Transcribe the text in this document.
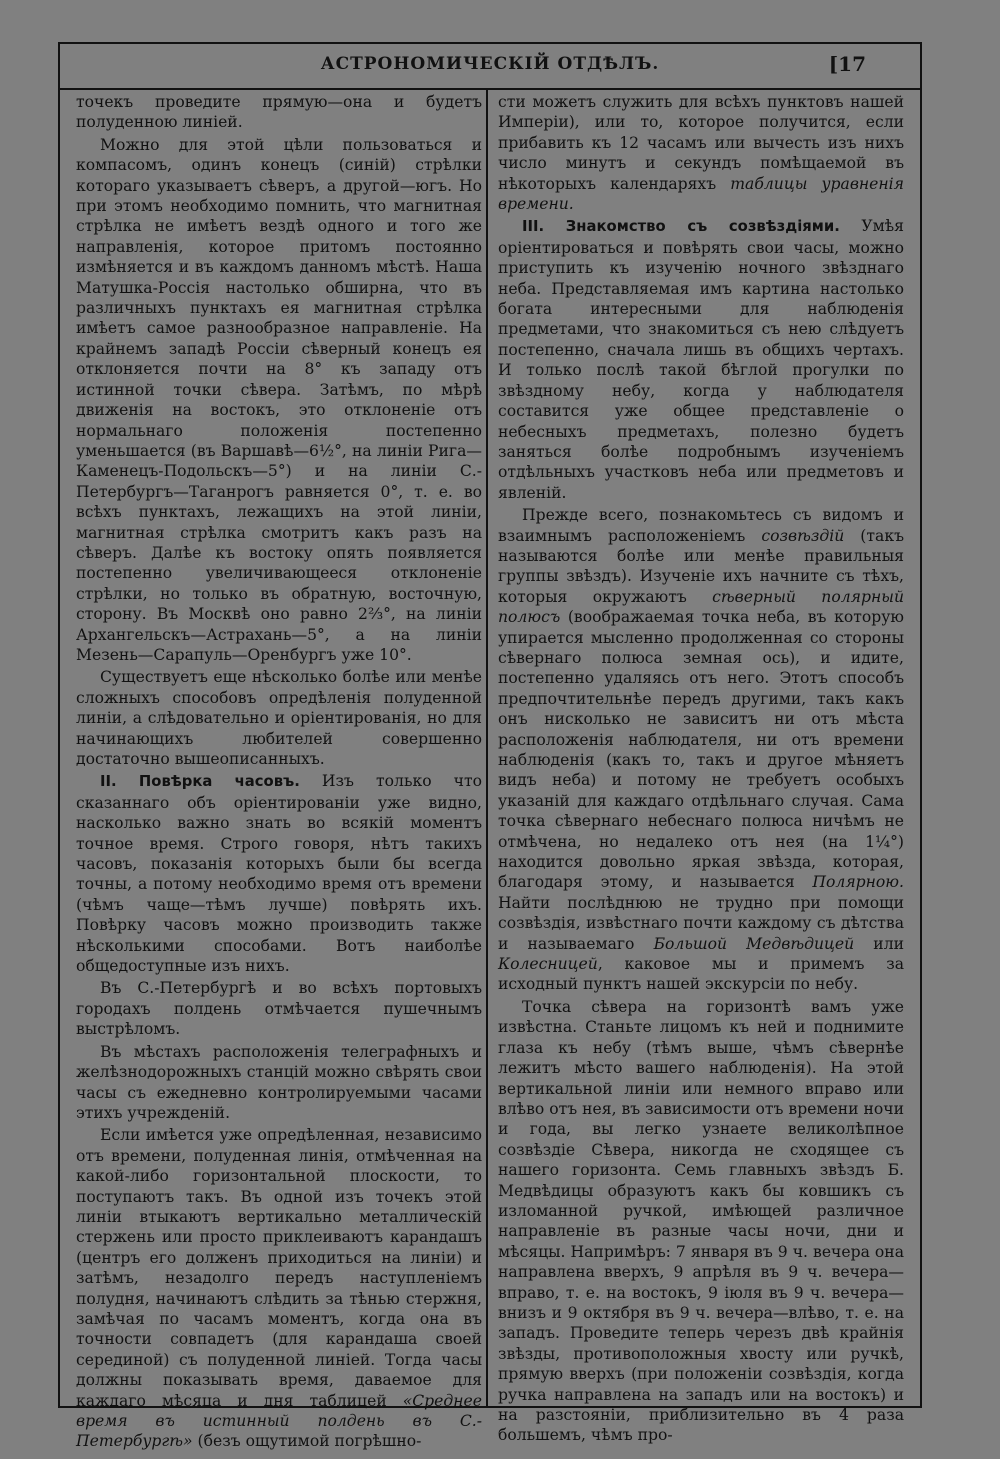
АСТРОНОМИЧЕСКІЙ ОТДѢЛЪ.	[17

точекъ проведите прямую—она и будетъ полуденною линіей.

Можно для этой цѣли пользоваться и компасомъ, одинъ конецъ (синій) стрѣлки котораго указываетъ сѣверъ, а другой—югъ. Но при этомъ необходимо помнить, что магнитная стрѣлка не имѣетъ вездѣ одного и того же направленія, которое притомъ постоянно измѣняется и въ каждомъ данномъ мѣстѣ. Наша Матушка-Россія настолько обширна, что въ различныхъ пунктахъ ея магнитная стрѣлка имѣетъ самое разнообразное направленіе. На крайнемъ западѣ Россіи сѣверный конецъ ея отклоняется почти на 8° къ западу отъ истинной точки сѣвера. Затѣмъ, по мѣрѣ движенія на востокъ, это отклоненіе отъ нормальнаго положенія постепенно уменьшается (въ Варшавѣ—6½°, на линіи Рига—Каменецъ-Подольскъ—5°) и на линіи С.-Петербургъ—Таганрогъ равняется 0°, т. е. во всѣхъ пунктахъ, лежащихъ на этой линіи, магнитная стрѣлка смотритъ какъ разъ на сѣверъ. Далѣе къ востоку опять появляется постепенно увеличивающееся отклоненіе стрѣлки, но только въ обратную, восточную, сторону. Въ Москвѣ оно равно 2⅔°, на линіи Архангельскъ—Астрахань—5°, а на линіи Мезень—Сарапуль—Оренбургъ уже 10°.

Существуетъ еще нѣсколько болѣе или менѣе сложныхъ способовъ опредѣленія полуденной линіи, а слѣдовательно и оріентированія, но для начинающихъ любителей совершенно достаточно вышеописанныхъ.

II. Повѣрка часовъ. Изъ только что сказаннаго объ оріентированіи уже видно, насколько важно знать во всякій моментъ точное время. Строго говоря, нѣтъ такихъ часовъ, показанія которыхъ были бы всегда точны, а потому необходимо время отъ времени (чѣмъ чаще—тѣмъ лучше) повѣрять ихъ. Повѣрку часовъ можно производить также нѣсколькими способами. Вотъ наиболѣе общедоступные изъ нихъ.

Въ С.-Петербургѣ и во всѣхъ портовыхъ городахъ полдень отмѣчается пушечнымъ выстрѣломъ.

Въ мѣстахъ расположенія телеграфныхъ и желѣзнодорожныхъ станцій можно свѣрять свои часы съ ежедневно контролируемыми часами этихъ учрежденій.

Если имѣется уже опредѣленная, независимо отъ времени, полуденная линія, отмѣченная на какой-либо горизонтальной плоскости, то поступаютъ такъ. Въ одной изъ точекъ этой линіи втыкаютъ вертикально металлическій стержень или просто приклеиваютъ карандашъ (центръ его долженъ приходиться на линіи) и затѣмъ, незадолго передъ наступленіемъ полудня, начинаютъ слѣдить за тѣнью стержня, замѣчая по часамъ моментъ, когда она въ точности совпадетъ (для карандаша своей серединой) съ полуденной линіей. Тогда часы должны показывать время, даваемое для каждаго мѣсяца и дня таблицей «Среднее время въ истинный полдень въ С.-Петербургѣ» (безъ ощутимой погрѣшно-

сти можетъ служить для всѣхъ пунктовъ нашей Имперіи), или то, которое получится, если прибавить къ 12 часамъ или вычесть изъ нихъ число минутъ и секундъ помѣщаемой въ нѣкоторыхъ календаряхъ таблицы уравненія времени.

III. Знакомство съ созвѣздіями. Умѣя оріентироваться и повѣрять свои часы, можно приступить къ изученію ночного звѣзднаго неба. Представляемая имъ картина настолько богата интересными для наблюденія предметами, что знакомиться съ нею слѣдуетъ постепенно, сначала лишь въ общихъ чертахъ. И только послѣ такой бѣглой прогулки по звѣздному небу, когда у наблюдателя составится уже общее представленіе о небесныхъ предметахъ, полезно будетъ заняться болѣе подробнымъ изученіемъ отдѣльныхъ участковъ неба или предметовъ и явленій.

Прежде всего, познакомьтесь съ видомъ и взаимнымъ расположеніемъ созвѣздій (такъ называются болѣе или менѣе правильныя группы звѣздъ). Изученіе ихъ начните съ тѣхъ, которыя окружаютъ сѣверный полярный полюсъ (воображаемая точка неба, въ которую упирается мысленно продолженная со стороны сѣвернаго полюса земная ось), и идите, постепенно удаляясь отъ него. Этотъ способъ предпочтительнѣе передъ другими, такъ какъ онъ нисколько не зависитъ ни отъ мѣста расположенія наблюдателя, ни отъ времени наблюденія (какъ то, такъ и другое мѣняетъ видъ неба) и потому не требуетъ особыхъ указаній для каждаго отдѣльнаго случая. Сама точка сѣвернаго небеснаго полюса ничѣмъ не отмѣчена, но недалеко отъ нея (на 1¼°) находится довольно яркая звѣзда, которая, благодаря этому, и называется Полярною. Найти послѣднюю не трудно при помощи созвѣздія, извѣстнаго почти каждому съ дѣтства и называемаго Большой Медвѣдицей или Колесницей, каковое мы и примемъ за исходный пунктъ нашей экскурсіи по небу.

Точка сѣвера на горизонтѣ вамъ уже извѣстна. Станьте лицомъ къ ней и поднимите глаза къ небу (тѣмъ выше, чѣмъ сѣвернѣе лежитъ мѣсто вашего наблюденія). На этой вертикальной линіи или немного вправо или влѣво отъ нея, въ зависимости отъ времени ночи и года, вы легко узнаете великолѣпное созвѣздіе Сѣвера, никогда не сходящее съ нашего горизонта. Семь главныхъ звѣздъ Б. Медвѣдицы образуютъ какъ бы ковшикъ съ изломанной ручкой, имѣющей различное направленіе въ разные часы ночи, дни и мѣсяцы. Напримѣръ: 7 января въ 9 ч. вечера она направлена вверхъ, 9 апрѣля въ 9 ч. вечера—вправо, т. е. на востокъ, 9 іюля въ 9 ч. вечера—внизъ и 9 октября въ 9 ч. вечера—влѣво, т. е. на западъ. Проведите теперь черезъ двѣ крайнія звѣзды, противоположныя хвосту или ручкѣ, прямую вверхъ (при положеніи созвѣздія, когда ручка направлена на западъ или на востокъ) и на разстояніи, приблизительно въ 4 раза большемъ, чѣмъ про-
